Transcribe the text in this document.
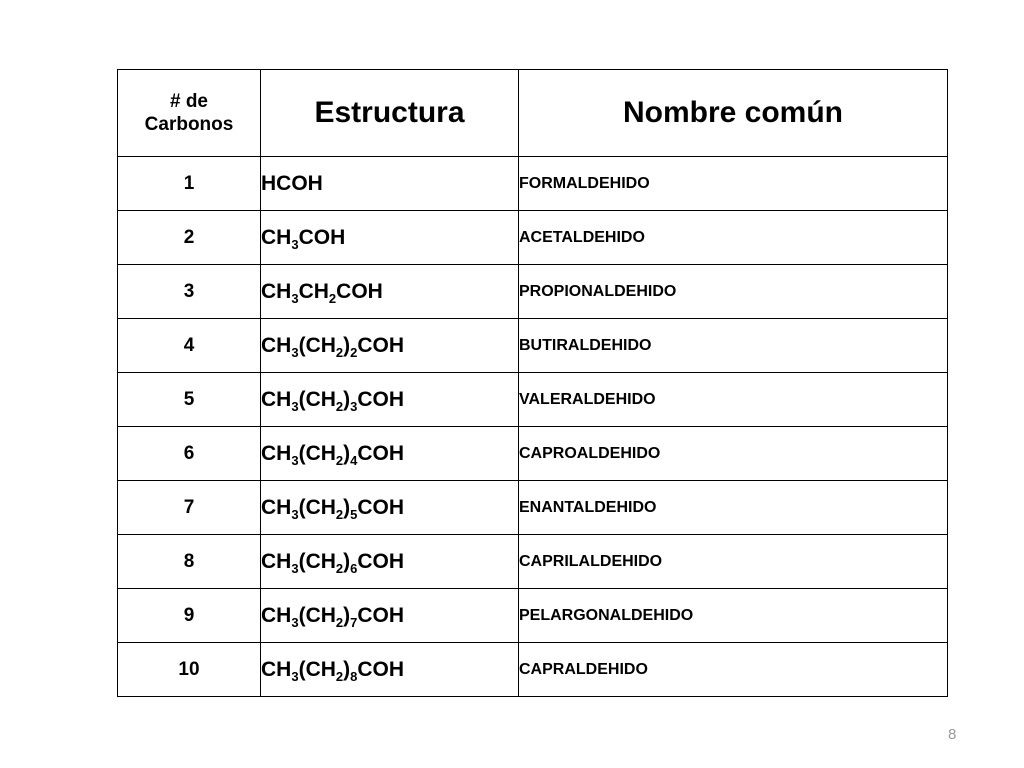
# de
Carbonos	Estructura	Nombre común
1	HCOH	FORMALDEHIDO
2	$CH_3COH$	ACETALDEHIDO
3	$CH_3CH_2COH$	PROPIONALDEHIDO
4	$CH_3(CH_2)_2COH$	BUTIRALDEHIDO
5	$CH_3(CH_2)_3COH$	VALERALDEHIDO
6	$CH_3(CH_2)_4COH$	CAPROALDEHIDO
7	$CH_3(CH_2)_5COH$	ENANTALDEHIDO
8	$CH_3(CH_2)_6COH$	CAPRILALDEHIDO
9	$CH_3(CH_2)_7COH$	PELARGONALDEHIDO
10	$CH_3(CH_2)_8COH$	CAPRALDEHIDO
8
